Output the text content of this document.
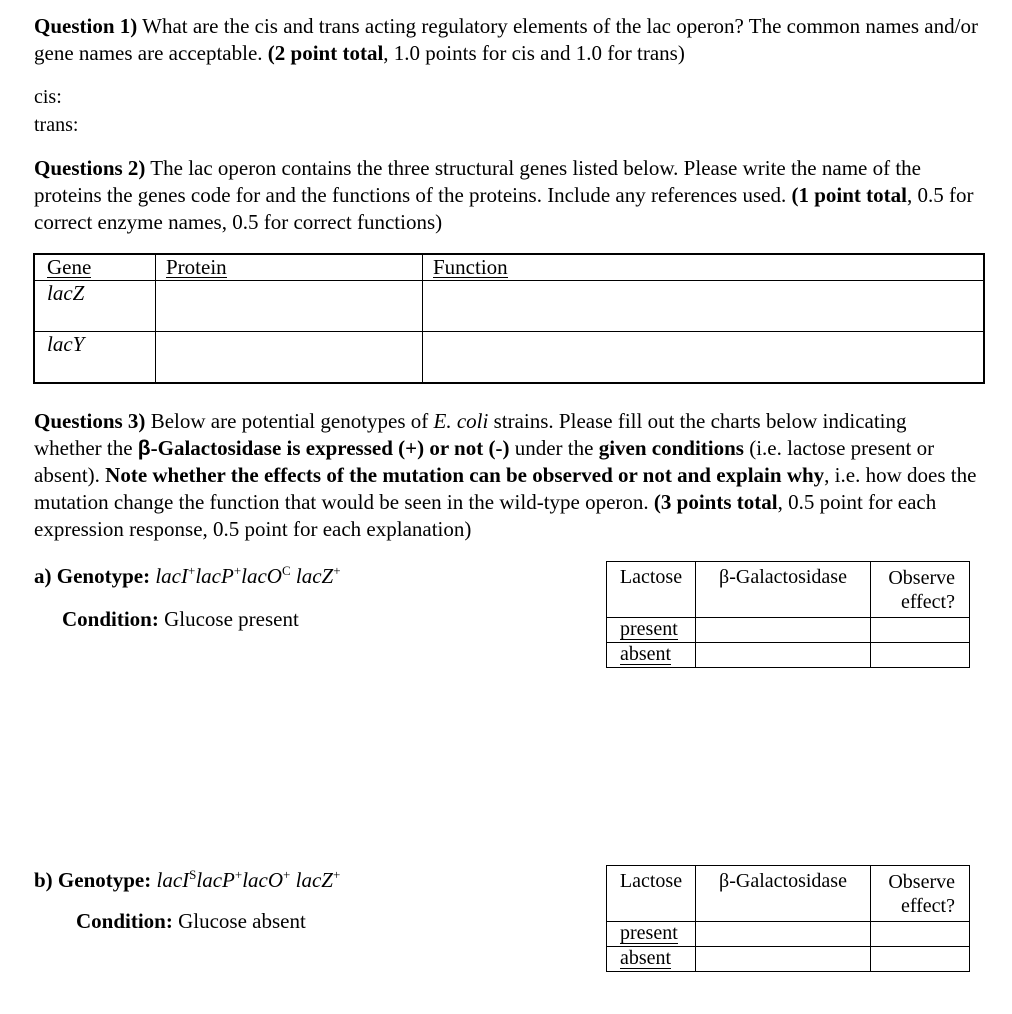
Question 1) What are the cis and trans acting regulatory elements of the lac operon? The common names and/or gene names are acceptable. (2 point total, 1.0 points for cis and 1.0 for trans)
cis:
trans:
Questions 2) The lac operon contains the three structural genes listed below. Please write the name of the proteins the genes code for and the functions of the proteins. Include any references used. (1 point total, 0.5 for correct enzyme names, 0.5 for correct functions)
Gene	Protein	Function
lacZ		
lacY		
Questions 3) Below are potential genotypes of E. coli strains. Please fill out the charts below indicating whether the β-Galactosidase is expressed (+) or not (-) under the given conditions (i.e. lactose present or absent). Note whether the effects of the mutation can be observed or not and explain why, i.e. how does the mutation change the function that would be seen in the wild-type operon. (3 points total, 0.5 point for each expression response, 0.5 point for each explanation)
a) Genotype: lacI+lacP+lacO$^C$ lacZ+
Condition: Glucose present
Lactose	β-Galactosidase	Observe effect?
present		
absent		
b) Genotype: lacI$^S$lacP+lacO+ lacZ+
Condition: Glucose absent
Lactose	β-Galactosidase	Observe effect?
present		
absent		
